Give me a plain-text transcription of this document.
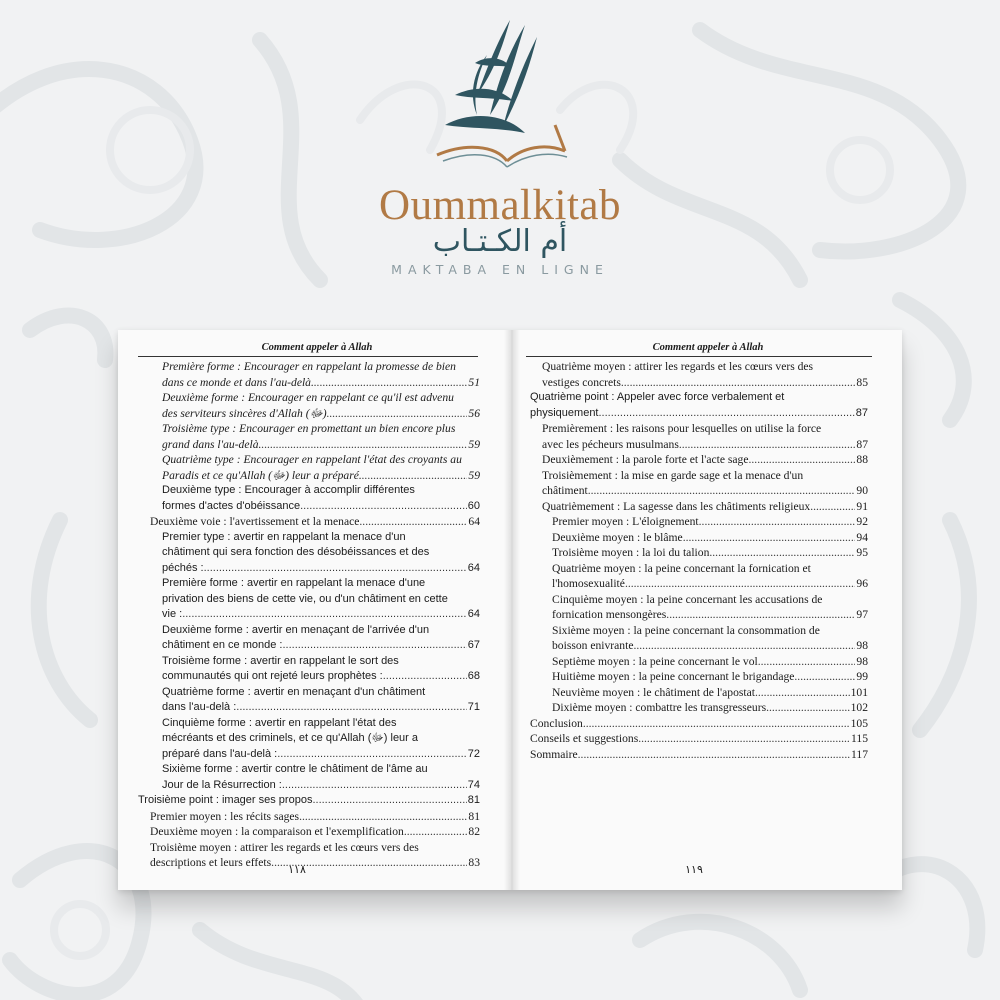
Oummalkitab
أم الكـتـاب
MAKTABA EN LIGNE
Comment appeler à Allah
Première forme : Encourager en rappelant la promesse de bien
dans ce monde et dans l'au-delà. .....	51
Deuxième forme : Encourager en rappelant ce qu'il est advenu
des serviteurs sincères d'Allah (ﷻ) .....	56
Troisième type : Encourager en promettant un bien encore plus
grand dans l'au-delà. .....	59
Quatrième type : Encourager en rappelant l'état des croyants au
Paradis et ce qu'Allah (ﷻ) leur a préparé. .....	59
Deuxième type : Encourager à accomplir différentes
formes d'actes d'obéissance .....	60
Deuxième voie : l'avertissement et la menace .....	64
Premier type : avertir en rappelant la menace d'un
châtiment qui sera fonction des désobéissances et des
péchés : .....	64
Première forme : avertir en rappelant la menace d'une
privation des biens de cette vie, ou d'un châtiment en cette
vie : .....	64
Deuxième forme : avertir en menaçant de l'arrivée d'un
châtiment en ce monde : .....	67
Troisième forme : avertir en rappelant le sort des
communautés qui ont rejeté leurs prophètes : .....	68
Quatrième forme : avertir en menaçant d'un châtiment
dans l'au-delà : .....	71
Cinquième forme : avertir en rappelant l'état des
mécréants et des criminels, et ce qu'Allah (ﷻ) leur a
préparé dans l'au-delà : .....	72
Sixième forme : avertir contre le châtiment de l'âme au
Jour de la Résurrection : .....	74
Troisième point : imager ses propos .....	81
Premier moyen : les récits sages .....	81
Deuxième moyen : la comparaison et l'exemplification .....	82
Troisième moyen : attirer les regards et les cœurs vers des
descriptions et leurs effets .....	83
١١٨
Comment appeler à Allah
Quatrième moyen : attirer les regards et les cœurs vers des
vestiges concrets .....	85
Quatrième point : Appeler avec force verbalement et
physiquement .....	87
Premièrement : les raisons pour lesquelles on utilise la force
avec les pécheurs musulmans .....	87
Deuxièmement : la parole forte et l'acte sage .....	88
Troisièmement : la mise en garde sage et la menace d'un
châtiment .....	90
Quatrièmement : La sagesse dans les châtiments religieux .....	91
Premier moyen : L'éloignement .....	92
Deuxième moyen : le blâme .....	94
Troisième moyen : la loi du talion .....	95
Quatrième moyen : la peine concernant la fornication et
l'homosexualité .....	96
Cinquième moyen : la peine concernant les accusations de
fornication mensongères .....	97
Sixième moyen : la peine concernant la consommation de
boisson enivrante .....	98
Septième moyen : la peine concernant le vol .....	98
Huitième moyen : la peine concernant le brigandage .....	99
Neuvième moyen : le châtiment de l'apostat .....	101
Dixième moyen : combattre les transgresseurs .....	102
Conclusion .....	105
Conseils et suggestions .....	115
Sommaire .....	117
١١٩
